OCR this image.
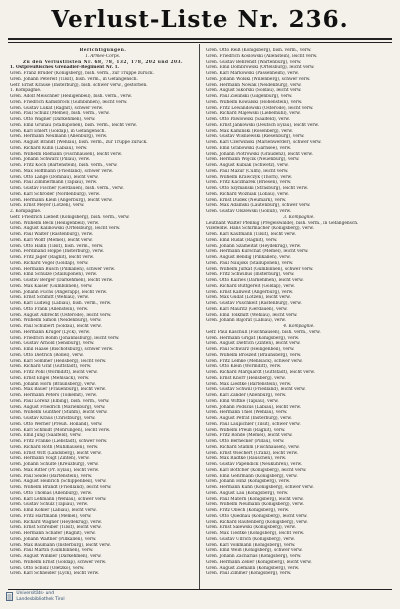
Verlust-Liste Nr. 236.
Berichtigungen.
I. Armee-Corps.
Zu den Verlustlisten Nr. 68, 78, 132, 178, 202 und 203.
1. Ostpreußisches Grenadier-Regiment Nr. 1.
Gren. Franz Bruder (Königsberg), bish. verm., zur Truppe zurück.
Gren. Johann Petereit (Tilsit), bish. verm., in Gefangensch.
Gefr. Ernst Krause (Insterburg), bish. schwer verw., gestorben.
1. Kompagnie.
Gren. Adolf Meischner (Heiligenbeil), bish. verm., verw.
Gren. Friedrich Kamsbrock (Gumbinnen), leicht verw.
Gren. Gustav Lukat (Ragnit), schwer verw.
Gren. Paul Schulz (Memel), bish. verm., verw.
Gren. Otto Wagner (Darkehmen), verw.
Gren. Emil Grunau (Stallupönen), bish. verm., leicht verw.
Gren. Karl Ehlert (Goldap), in Gefangensch.
Gren. Hermann Neumann (Allenburg), verw.
Gren. August Brandt (Wehlau), bish. verm., zur Truppe zurück.
Gren. Richard Kühn (Labiau), verw.
Gren. Wilhelm Riemann (Fischhausen), leicht verw.
Gren. Johann Schwarz (Pillau), verw.
Gren. Fritz Koch (Bartenstein), bish. verm., verw.
Gren. Max Hoffmann (Friedland), schwer verw.
Gren. Otto Lange (Domnau), leicht verw.
Gren. Paul Zimmermann (Tapiau), verw.
Gren. Gustav Fischer (Gerdauen), bish. verm., verw.
Gren. Karl Schröder (Nordenburg), verw.
Gren. Hermann Klein (Angerburg), leicht verw.
Gren. Ernst Meyer (Lötzen), verw.
2. Kompagnie.
Gefr. Friedrich Liebelt (Königsberg), bish. verm., verw.
Gren. Wilhelm Beck (Heiligenbeil), verw.
Gren. August Kalinowski (Ortelsburg), leicht verw.
Gren. Paul Walter (Rastenburg), verw.
Gren. Karl Wolff (Memel), leicht verw.
Gren. Otto Hahn (Tilsit), bish. verm., verw.
Gren. Ferdinand Hoppe (Insterburg), verw.
Gren. Fritz Jäger (Ragnit), leicht verw.
Gren. Richard Vogel (Goldap), verw.
Gren. Hermann Busch (Pillkallen), schwer verw.
Gren. Emil Schulze (Stallupönen), verw.
Gren. Gustav Berger (Darkehmen), leicht verw.
Gren. Max Kaiser (Gumbinnen), verw.
Gren. Johann Fuchs (Angerapp), leicht verw.
Gren. Ernst Schmitt (Wehlau), verw.
Gren. Karl Ludwig (Labiau), bish. verm., verw.
Gren. Otto Frank (Allenstein), verw.
Gren. August Albrecht (Osterode), leicht verw.
Gren. Wilhelm Simon (Neidenburg), verw.
Gren. Paul Schubert (Soldau), leicht verw.
Gren. Hermann Krüger (Lyck), verw.
Gren. Friedrich Böhm (Johannisburg), leicht verw.
Gren. Gustav Arnold (Sensburg), verw.
Gren. Emil Haase (Bischofsburg), schwer verw.
Gren. Otto Dietrich (Rößel), verw.
Gren. Karl Sommer (Heilsberg), leicht verw.
Gren. Richard Graf (Guttstadt), verw.
Gren. Fritz Pohl (Wormditt), leicht verw.
Gren. Ernst Engel (Mehlsack), verw.
Gren. Johann Horn (Braunsberg), verw.
Gren. Max Bauer (Frauenburg), leicht verw.
Gren. Hermann Peters (Tolkemit), verw.
Gren. Paul Lorenz (Elbing), bish. verm., verw.
Gren. August Friedrich (Marienburg), verw.
Gren. Wilhelm Günther (Stuhm), leicht verw.
Gren. Gustav Kraus (Christburg), verw.
Gren. Otto Werner (Preuß. Holland), verw.
Gren. Karl Schmidt (Mohrungen), leicht verw.
Gren. Emil Jung (Saalfeld), verw.
Gren. Fritz Franke (Liebstadt), schwer verw.
Gren. Richard Roth (Mühlhausen), verw.
Gren. Ernst Witt (Landsberg), leicht verw.
Gren. Hermann Voigt (Zinten), verw.
Gren. Johann Schulte (Kreuzburg), verw.
Gren. Max Ritter (Pr. Eylau), leicht verw.
Gren. Paul Seidel (Bartenstein), verw.
Gren. August Heinrich (Schippenbeil), verw.
Gren. Wilhelm Brandt (Friedland), leicht verw.
Gren. Otto Thomas (Allenburg), verw.
Gren. Karl Lehmann (Wehlau), schwer verw.
Gren. Gustav Schulz (Tapiau), verw.
Gren. Emil Köhler (Labiau), leicht verw.
Gren. Fritz Hartmann (Memel), verw.
Gren. Richard Wagner (Heydekrug), verw.
Gren. Ernst Schreiber (Tilsit), leicht verw.
Gren. Hermann Schäfer (Ragnit), verw.
Gren. Johann Walther (Pillkallen), verw.
Gren. Max Baumann (Insterburg), leicht verw.
Gren. Paul Martin (Gumbinnen), verw.
Gren. August Winkler (Darkehmen), verw.
Gren. Wilhelm Ernst (Goldap), schwer verw.
Gren. Otto Scholz (Oletzko), verw.
Gren. Karl Schneider (Lyck), leicht verw.
Gren. Otto Reiß (Königsberg), bish. verm., verw.
Gren. Friedrich Koslowski (Allenstein), leicht verw.
Gren. Gustav Behrendt (Wartenburg), verw.
Gren. Emil Dombrowski (Ortelsburg), leicht verw.
Gren. Karl Markowski (Passenheim), verw.
Gren. Johann Wolski (Willenberg), schwer verw.
Gren. Hermann Nowak (Neidenburg), verw.
Gren. August Sikorski (Soldau), leicht verw.
Gren. Paul Zielinski (Gilgenburg), verw.
Gren. Wilhelm Kowalski (Hohenstein), verw.
Gren. Fritz Lewandowski (Osterode), leicht verw.
Gren. Richard Majewski (Liebemühl), verw.
Gren. Otto Pawlowski (Saalfeld), verw.
Gren. Ernst Jankowski (Deutsch Eylau), leicht verw.
Gren. Max Kaminski (Rosenberg), verw.
Gren. Gustav Wisniewski (Riesenburg), verw.
Gren. Karl Czerwinski (Marienwerder), schwer verw.
Gren. Emil Grabowski (Garnsee), verw.
Gren. Johann Piotrowski (Graudenz), leicht verw.
Gren. Hermann Wojcik (Neuenburg), verw.
Gren. August Kubiak (Schwetz), verw.
Gren. Paul Mazur (Culm), leicht verw.
Gren. Wilhelm Krawczyk (Thorn), verw.
Gren. Fritz Kaczmarek (Briesen), verw.
Gren. Otto Szymanski (Strasburg), leicht verw.
Gren. Richard Wozniak (Löbau), verw.
Gren. Ernst Dudek (Neumark), verw.
Gren. Max Adamski (Lautenburg), schwer verw.
Gren. Gustav Olszewski (Gollub), verw.
3. Kompagnie.
Leutnant Walter Pfennig (Pregelswalde), bish. verm., in Gefangensch.
Vizefeldw. Hans Schirmacher (Königsberg), verw.
Gren. Karl Kaufmann (Tilsit), leicht verw.
Gren. Emil Rudat (Ragnit), verw.
Gren. Johann Szameitat (Heydekrug), verw.
Gren. Hermann Kurschat (Memel), leicht verw.
Gren. August Bendig (Pillkallen), verw.
Gren. Paul Naujoks (Stallupönen), verw.
Gren. Wilhelm Jurkat (Gumbinnen), schwer verw.
Gren. Fritz Schwillus (Insterburg), verw.
Gren. Otto Kairies (Darkehmen), leicht verw.
Gren. Richard Buttgereit (Goldap), verw.
Gren. Ernst Kallweit (Angerburg), verw.
Gren. Max Gudat (Lötzen), leicht verw.
Gren. Gustav Puschkeit (Rastenburg), verw.
Gren. Karl Mauritz (Gerdauen), verw.
Gren. Emil Tolkmitt (Wehlau), leicht verw.
Gren. Johann Bajorat (Labiau), verw.
4. Kompagnie.
Gefr. Paul Kaschull (Fischhausen), bish. verm., verw.
Gren. Hermann Grigat (Königsberg), verw.
Gren. August Dietrich (Zinten), leicht verw.
Gren. Paul Schwarz (Heiligenbeil), verw.
Gren. Wilhelm Broszeit (Braunsberg), verw.
Gren. Fritz Lemke (Mehlsack), schwer verw.
Gren. Otto Klein (Wormditt), verw.
Gren. Richard Marquardt (Guttstadt), leicht verw.
Gren. Ernst Knorr (Heilsberg), verw.
Gren. Max Liedtke (Bartenstein), verw.
Gren. Gustav Schwill (Friedland), leicht verw.
Gren. Karl Zander (Allenburg), verw.
Gren. Emil Wittke (Tapiau), verw.
Gren. Johann Podszus (Labiau), leicht verw.
Gren. Hermann Thiel (Wehlau), verw.
Gren. August Petrat (Insterburg), verw.
Gren. Paul Laupichler (Tilsit), schwer verw.
Gren. Wilhelm Preuß (Ragnit), verw.
Gren. Fritz Rohde (Memel), leicht verw.
Gren. Otto Bernecker (Pillau), verw.
Gren. Richard Stamm (Fischhausen), verw.
Gren. Ernst Wiechert (Cranz), leicht verw.
Gren. Max Radtke (Rauschen), verw.
Gren. Gustav Papendick (Neukuhren), verw.
Gren. Karl Böttcher (Königsberg), leicht verw.
Gren. Emil Gehrmann (Königsberg), verw.
Gren. Johann Hinz (Königsberg), verw.
Gren. Hermann Kuhn (Königsberg), schwer verw.
Gren. August Lau (Königsberg), verw.
Gren. Paul Matern (Königsberg), leicht verw.
Gren. Wilhelm Neumann (Königsberg), verw.
Gren. Fritz Ollech (Königsberg), verw.
Gren. Otto Quednau (Königsberg), leicht verw.
Gren. Richard Rautenberg (Königsberg), verw.
Gren. Ernst Salewski (Königsberg), verw.
Gren. Max Tiedtke (Königsberg), leicht verw.
Gren. Gustav Ullrich (Königsberg), verw.
Gren. Karl Volkmann (Königsberg), verw.
Gren. Emil Weiß (Königsberg), schwer verw.
Gren. Johann Zacharias (Königsberg), verw.
Gren. Hermann Zeller (Königsberg), leicht verw.
Gren. August Ziemann (Königsberg), verw.
Gren. Paul Zimmer (Königsberg), verw.

Universitäts- und
Landesbibliothek Tirol
